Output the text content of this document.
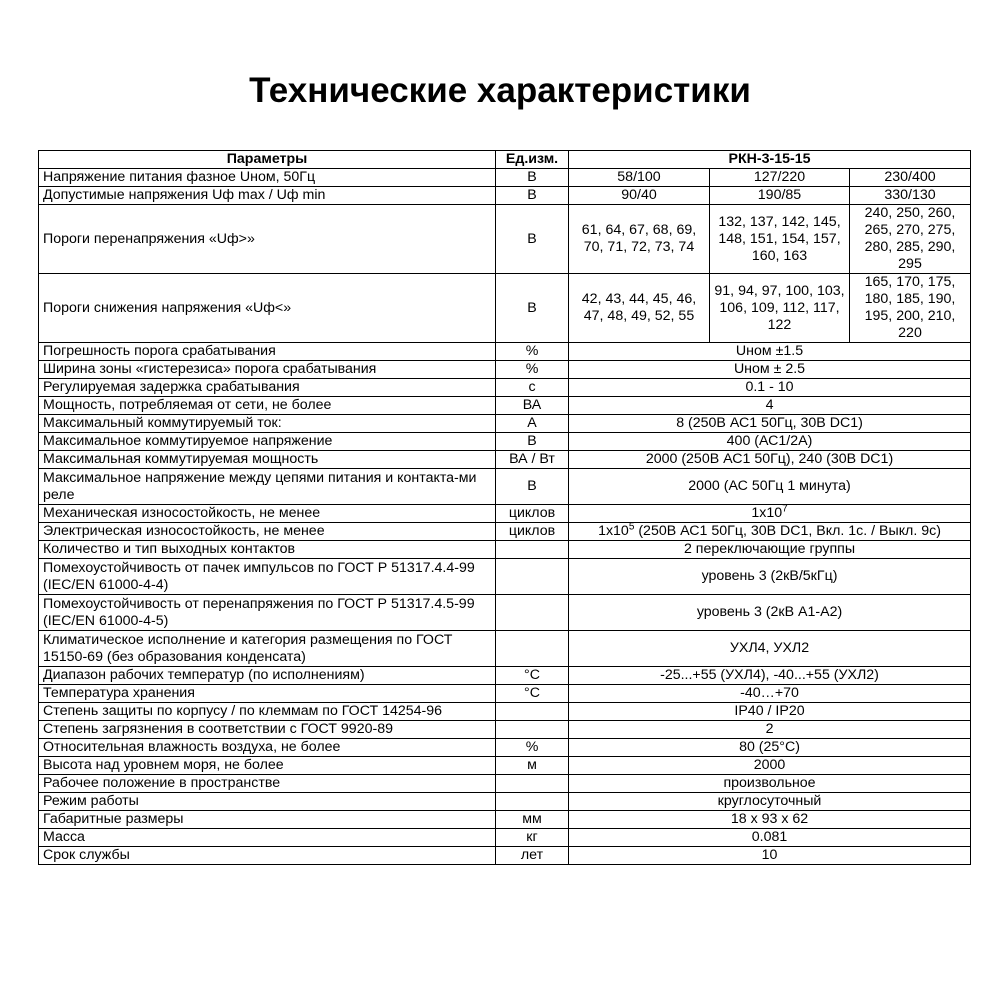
Технические характеристики
Параметры	Ед.изм.	РКН-3-15-15		
Напряжение питания фазное Uном, 50Гц	В	58/100	127/220	230/400
Допустимые напряжения Uф max / Uф min	В	90/40	190/85	330/130
Пороги перенапряжения «Uф>»	В	61, 64, 67, 68, 69, 70, 71, 72, 73, 74	132, 137, 142, 145, 148, 151, 154, 157, 160, 163	240, 250, 260, 265, 270, 275, 280, 285, 290, 295
Пороги снижения напряжения «Uф<»	В	42, 43, 44, 45, 46, 47, 48, 49, 52, 55	91, 94, 97, 100, 103, 106, 109, 112, 117, 122	165, 170, 175, 180, 185, 190, 195, 200, 210, 220
Погрешность порога срабатывания	%	Uном ±1.5		
Ширина зоны «гистерезиса» порога срабатывания	%	Uном ± 2.5		
Регулируемая задержка срабатывания	с	0.1 - 10		
Мощность, потребляемая от сети, не более	ВА	4		
Максимальный коммутируемый ток:	А	8 (250В АС1 50Гц, 30В DC1)		
Максимальное коммутируемое напряжение	В	400 (АС1/2А)		
Максимальная коммутируемая мощность	ВА / Вт	2000 (250В АС1 50Гц), 240 (30В DC1)		
Максимальное напряжение между цепями питания и контакта-ми реле	В	2000 (АС 50Гц 1 минута)		
Механическая износостойкость, не менее	циклов	$1x10^7$
Электрическая износостойкость, не менее	циклов	$1x10^5$ (250В АС1 50Гц, 30В DC1, Вкл. 1с. / Выкл. 9с)		
Количество и тип выходных контактов		2 переключающие группы		
Помехоустойчивость от пачек импульсов по ГОСТ Р 51317.4.4-99 (IEC/EN 61000-4-4)		уровень 3 (2кВ/5кГц)		
Помехоустойчивость от перенапряжения по ГОСТ Р 51317.4.5-99 (IEC/EN 61000-4-5)		уровень 3 (2кВ А1-А2)		
Климатическое исполнение и категория размещения по ГОСТ 15150-69 (без образования конденсата)		УХЛ4, УХЛ2		
Диапазон рабочих температур (по исполнениям)	°С	-25...+55 (УХЛ4), -40...+55 (УХЛ2)		
Температура хранения	°С	-40…+70		
Степень защиты по корпусу / по клеммам по ГОСТ 14254-96		IP40 / IP20		
Степень загрязнения в соответствии с ГОСТ 9920-89		2		
Относительная влажность воздуха, не более	%	80 (25°С)		
Высота над уровнем моря, не более	м	2000		
Рабочее положение в пространстве		произвольное		
Режим работы		круглосуточный		
Габаритные размеры	мм	18 x 93 x 62		
Масса	кг	0.081		
Срок службы	лет	10		
